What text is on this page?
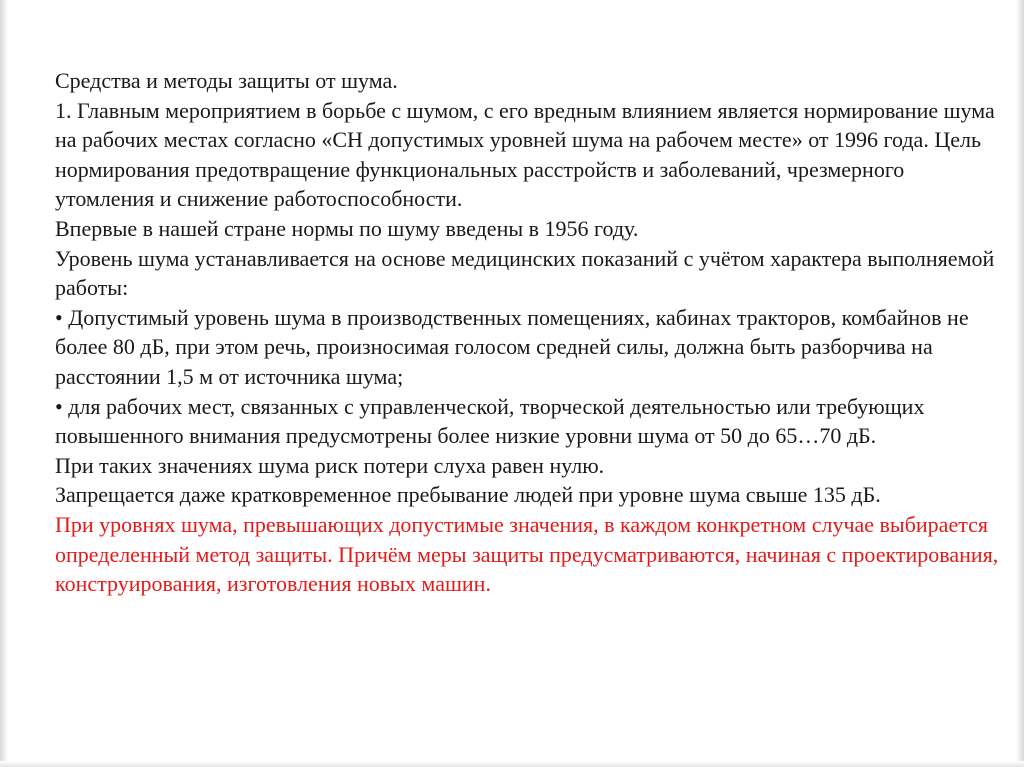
Средства и методы защиты от шума.

1. Главным мероприятием в борьбе с шумом, с его вредным влиянием является нормирование шума на рабочих местах согласно «СН допустимых уровней шума на рабочем месте» от 1996 года. Цель нормирования предотвращение функциональных расстройств и заболеваний, чрезмерного утомления и снижение работоспособности.

Впервые в нашей стране нормы по шуму введены в 1956 году.

Уровень шума устанавливается на основе медицинских показаний с учётом характера выполняемой работы:

• Допустимый уровень шума в производственных помещениях, кабинах тракторов, комбайнов не более 80 дБ, при этом речь, произносимая голосом средней силы, должна быть разборчива на расстоянии 1,5 м от источника шума;

• для рабочих мест, связанных с управленческой, творческой деятельностью или требующих повышенного внимания предусмотрены более низкие уровни шума от 50 до 65…70 дБ.

При таких значениях шума риск потери слуха равен нулю.

Запрещается даже кратковременное пребывание людей при уровне шума свыше 135 дБ.

При уровнях шума, превышающих допустимые значения, в каждом конкретном случае выбирается определенный метод защиты. Причём меры защиты предусматриваются, начиная с проектирования, конструирования, изготовления новых машин.
